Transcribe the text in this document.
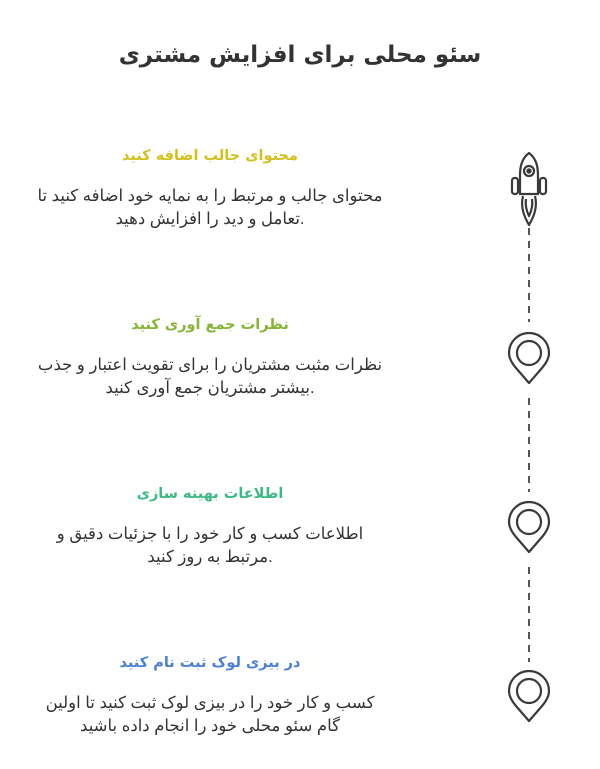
سئو محلی برای افزایش مشتری
محتوای جالب اضافه کنید
محتوای جالب و مرتبط را به نمایه خود اضافه کنید تا
.تعامل و دید را افزایش دهید
نظرات جمع آوری کنید
نظرات مثبت مشتریان را برای تقویت اعتبار و جذب
.بیشتر مشتریان جمع آوری کنید
اطلاعات بهینه سازی
اطلاعات کسب و کار خود را با جزئیات دقیق و
.مرتبط به روز کنید
در بیزی لوک ثبت نام کنید
کسب و کار خود را در بیزی لوک ثبت کنید تا اولین
گام سئو محلی خود را انجام داده باشید
